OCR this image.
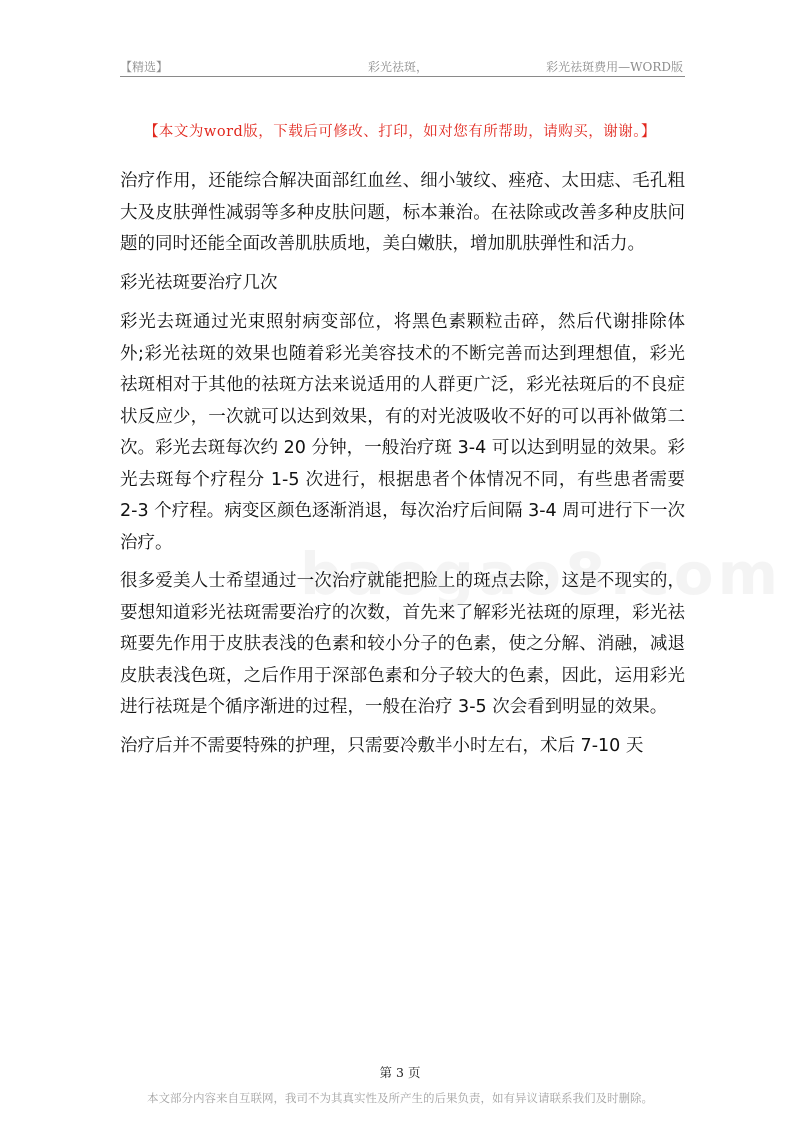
【精选】	彩光祛斑，	彩光祛斑费用—WORD版
【本文为word版，下载后可修改、打印，如对您有所帮助，请购买，谢谢。】

治疗作用，还能综合解决面部红血丝、细小皱纹、痤疮、太田痣、毛孔粗大及皮肤弹性减弱等多种皮肤问题，标本兼治。在祛除或改善多种皮肤问题的同时还能全面改善肌肤质地，美白嫩肤，增加肌肤弹性和活力。

彩光祛斑要治疗几次

彩光去斑通过光束照射病变部位，将黑色素颗粒击碎，然后代谢排除体外;彩光祛斑的效果也随着彩光美容技术的不断完善而达到理想值，彩光祛斑相对于其他的祛斑方法来说适用的人群更广泛，彩光祛斑后的不良症状反应少，一次就可以达到效果，有的对光波吸收不好的可以再补做第二次。彩光去斑每次约 20 分钟，一般治疗斑 3-4 可以达到明显的效果。彩光去斑每个疗程分 1-5 次进行，根据患者个体情况不同，有些患者需要 2-3 个疗程。病变区颜色逐渐消退，每次治疗后间隔 3-4 周可进行下一次治疗。

很多爱美人士希望通过一次治疗就能把脸上的斑点去除，这是不现实的，要想知道彩光祛斑需要治疗的次数，首先来了解彩光祛斑的原理，彩光祛斑要先作用于皮肤表浅的色素和较小分子的色素，使之分解、消融，减退皮肤表浅色斑，之后作用于深部色素和分子较大的色素，因此，运用彩光进行祛斑是个循序渐进的过程，一般在治疗 3-5 次会看到明显的效果。

治疗后并不需要特殊的护理，只需要冷敷半小时左右，术后 7-10 天

第 3 页
本文部分内容来自互联网，我司不为其真实性及所产生的后果负责，如有异议请联系我们及时删除。
